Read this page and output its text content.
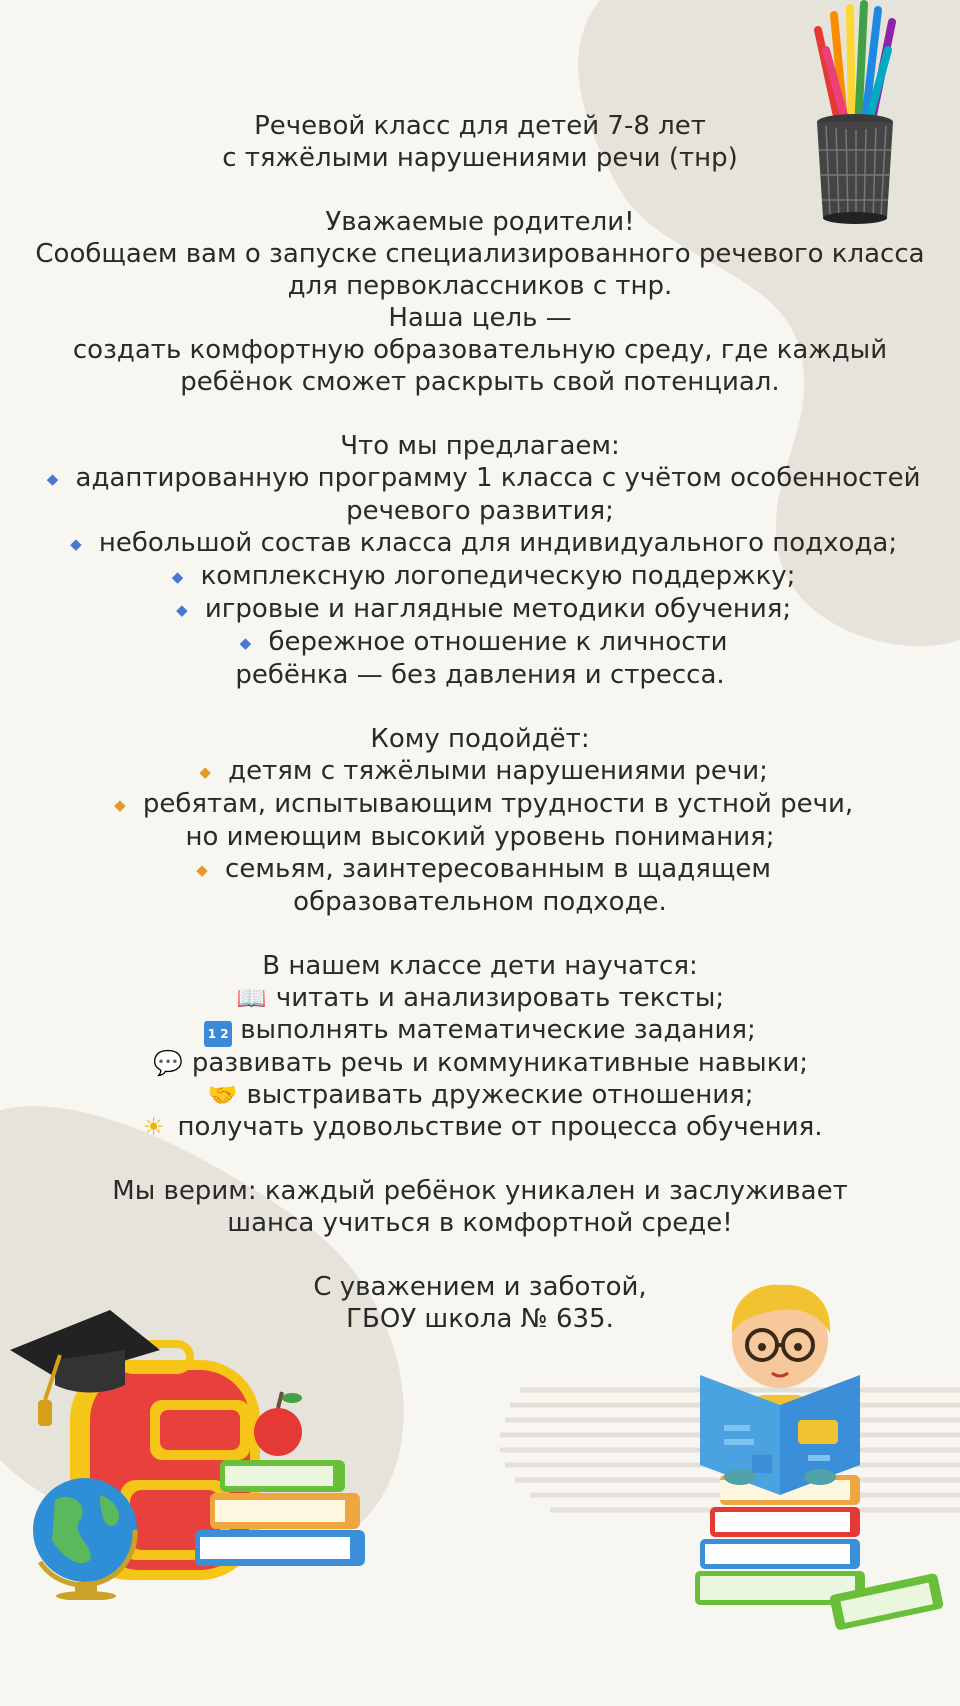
Речевой класс для детей 7-8 лет

с тяжёлыми нарушениями речи (тнр)

Уважаемые родители!

Сообщаем вам о запуске специализированного речевого класса

для первоклассников с тнр.

Наша цель —

создать комфортную образовательную среду, где каждый

ребёнок сможет раскрыть свой потенциал.

Что мы предлагаем:

◆ адаптированную программу 1 класса с учётом особенностей

речевого развития;

◆ небольшой состав класса для индивидуального подхода;

◆ комплексную логопедическую поддержку;

◆ игровые и наглядные методики обучения;

◆ бережное отношение к личности

ребёнка — без давления и стресса.

Кому подойдёт:

◆ детям с тяжёлыми нарушениями речи;

◆ ребятам, испытывающим трудности в устной речи,

но имеющим высокий уровень понимания;

◆ семьям, заинтересованным в щадящем

образовательном подходе.

В нашем классе дети научатся:

📖 читать и анализировать тексты;

1 2 выполнять математические задания;

💬 развивать речь и коммуникативные навыки;

🤝 выстраивать дружеские отношения;

☀ получать удовольствие от процесса обучения.

Мы верим: каждый ребёнок уникален и заслуживает

шанса учиться в комфортной среде!

С уважением и заботой,

ГБОУ школа № 635.
